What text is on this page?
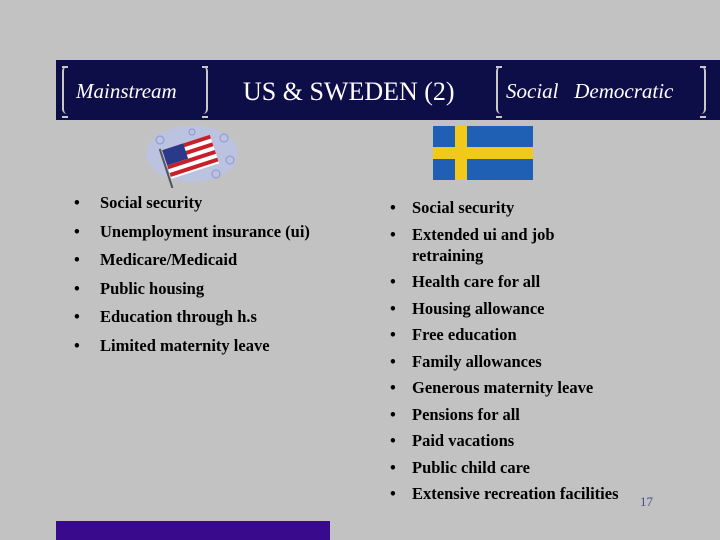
Mainstream	US & SWEDEN (2) Social   Democratic
• Social security
• Unemployment insurance (ui)
• Medicare/Medicaid
• Public housing
• Education through h.s
• Limited maternity leave
• Social security
• Extended ui and job retraining
• Health care for all
• Housing allowance
• Free education
• Family allowances
• Generous maternity leave
• Pensions for all
• Paid vacations
• Public child care
• Extensive recreation facilities	17
